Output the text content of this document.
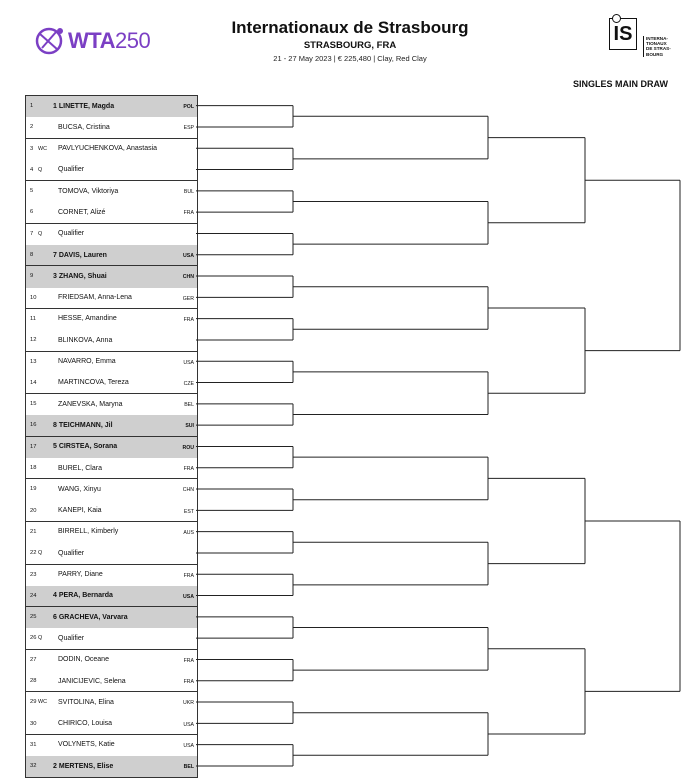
WTA250
Internationaux de Strasbourg
STRASBOURG, FRA
21 - 27 May 2023 | € 225,480 | Clay, Red Clay
IS	INTERNA-
TIONAUX
DE STRAS-
BOURG
SINGLES MAIN DRAW
1	1 LINETTE, Magda	POL
2	BUCSA, Cristina	ESP
3 WC PAVLYUCHENKOVA, Anastasia
4 Q Qualifier
5	TOMOVA, Viktoriya	BUL
6	CORNET, Alizé	FRA
7 Q Qualifier
8	7 DAVIS, Lauren	USA
9	3 ZHANG, Shuai	CHN
10	FRIEDSAM, Anna-Lena	GER
11	HESSE, Amandine	FRA
12	BLINKOVA, Anna
13	NAVARRO, Emma	USA
14	MARTINCOVA, Tereza	CZE
15	ZANEVSKA, Maryna	BEL
16 8 TEICHMANN, Jil	SUI
17 5 CIRSTEA, Sorana	ROU
18	BUREL, Clara	FRA
19	WANG, Xinyu	CHN
20	KANEPI, Kaia	EST
21	BIRRELL, Kimberly	AUS
22 Q Qualifier
23	PARRY, Diane	FRA
24 4 PERA, Bernarda	USA
25 6 GRACHEVA, Varvara
26 Q Qualifier
27	DODIN, Oceane	FRA
28	JANICIJEVIC, Selena	FRA
29 WC SVITOLINA, Elina	UKR
30	CHIRICO, Louisa	USA
31	VOLYNETS, Katie	USA
32 2 MERTENS, Elise	BEL
